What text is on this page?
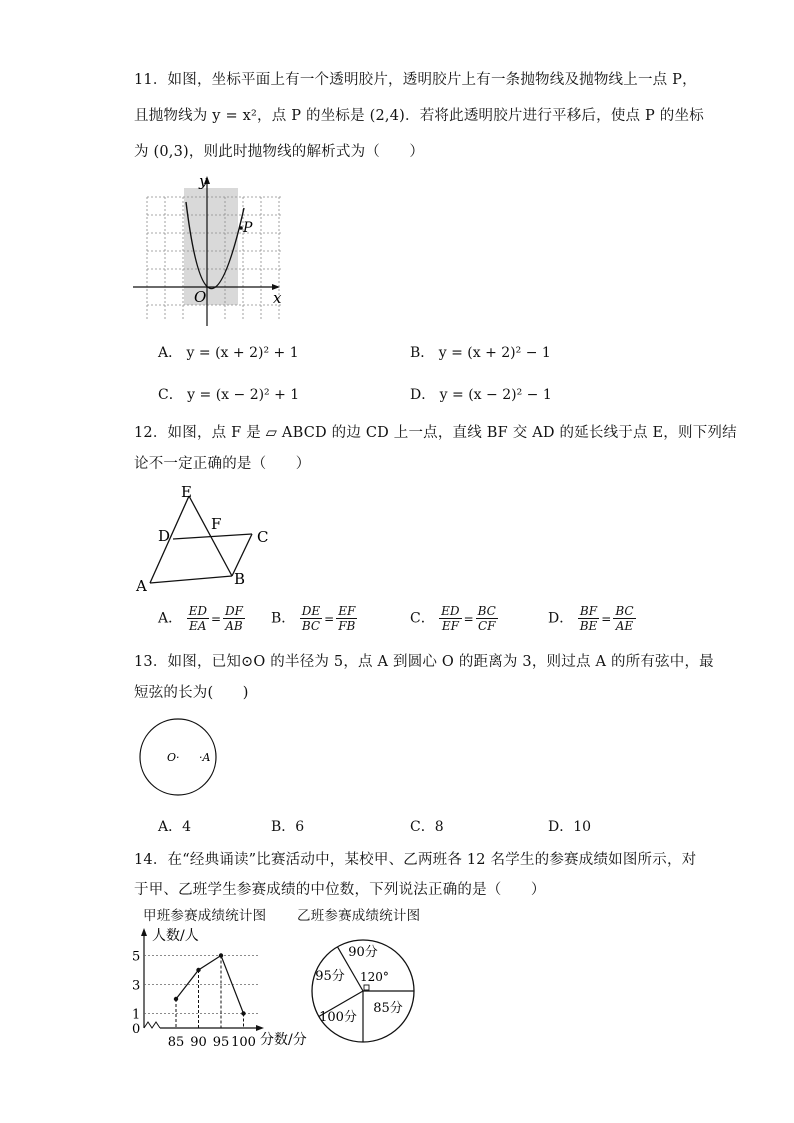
11．如图，坐标平面上有一个透明胶片，透明胶片上有一条抛物线及抛物线上一点 P，
且抛物线为 y = x²，点 P 的坐标是 (2,4)．若将此透明胶片进行平移后，使点 P 的坐标
为 (0,3)，则此时抛物线的解析式为（　　）
y
x
O
P
A． y = (x + 2)² + 1	B． y = (x + 2)² − 1
C． y = (x − 2)² + 1	D． y = (x − 2)² − 1
12．如图，点 F 是 ▱ ABCD 的边 CD 上一点，直线 BF 交 AD 的延长线于点 E，则下列结
论不一定正确的是（　　）
E
D
F
C
A	B
A． $\frac{ED}{EA} = \frac{DF}{AB}$ B． $\frac{DE}{BC} = \frac{EF}{FB}$	C． $\frac{ED}{EF} = \frac{BC}{CF}$	D． $\frac{BF}{BE} = \frac{BC}{AE}$
13．如图，已知⊙O 的半径为 5，点 A 到圆心 O 的距离为 3，则过点 A 的所有弦中，最
短弦的长为(　　)
O· ·A
A．4	B．6	C．8	D．10
14．在“经典诵读”比赛活动中，某校甲、乙两班各 12 名学生的参赛成绩如图所示，对
于甲、乙班学生参赛成绩的中位数，下列说法正确的是（　　）
甲班参赛成绩统计图 乙班参赛成绩统计图
人数/人
分数/分
0
1
3
5
85 90 95 100
90分
95分
100分
85分
120°
